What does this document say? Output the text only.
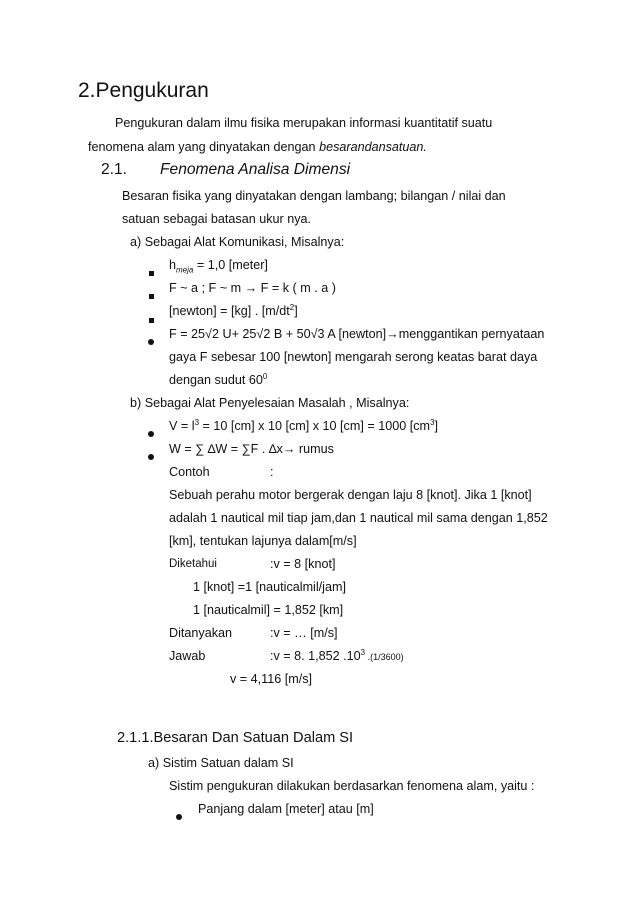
2.Pengukuran
Pengukuran dalam ilmu fisika merupakan informasi kuantitatif suatu
fenomena alam yang dinyatakan dengan besarandansatuan.
2.1. Fenomena Analisa Dimensi
Besaran fisika yang dinyatakan dengan lambang; bilangan / nilai dan
satuan sebagai batasan ukur nya.
a) Sebagai Alat Komunikasi, Misalnya:
$h_{meja} = 1,0$ [meter]
F ~ a ; F ~ m → F = k ( m . a )
[newton] = [kg] . $[m/dt^2]$
F = 25√2 U+ 25√2 B + 50√3 A [newton]→menggantikan pernyataan
gaya F sebesar 100 [newton] mengarah serong keatas barat daya
dengan sudut $60^0$
b) Sebagai Alat Penyelesaian Masalah , Misalnya:
$V = l^3 = 10$ [cm] x 10 [cm] x 10 [cm] = 1000 $[cm^3]$
W = ∑ ∆W = ∑F . ∆x→ rumus
Contoh	:
Sebuah perahu motor bergerak dengan laju 8 [knot]. Jika 1 [knot]
adalah 1 nautical mil tiap jam,dan 1 nautical mil sama dengan 1,852
[km], tentukan lajunya dalam[m/s]
Diketahui	:v = 8 [knot]
1 [knot] =1 [nauticalmil/jam]
1 [nauticalmil] = 1,852 [km]
Ditanyakan	:v = … [m/s]
Jawab	:v = 8. 1,852 $.10^3$ .(1/3600)
v = 4,116 [m/s]
2.1.1.Besaran Dan Satuan Dalam SI
a) Sistim Satuan dalam SI
Sistim pengukuran dilakukan berdasarkan fenomena alam, yaitu :
Panjang dalam [meter] atau [m]
